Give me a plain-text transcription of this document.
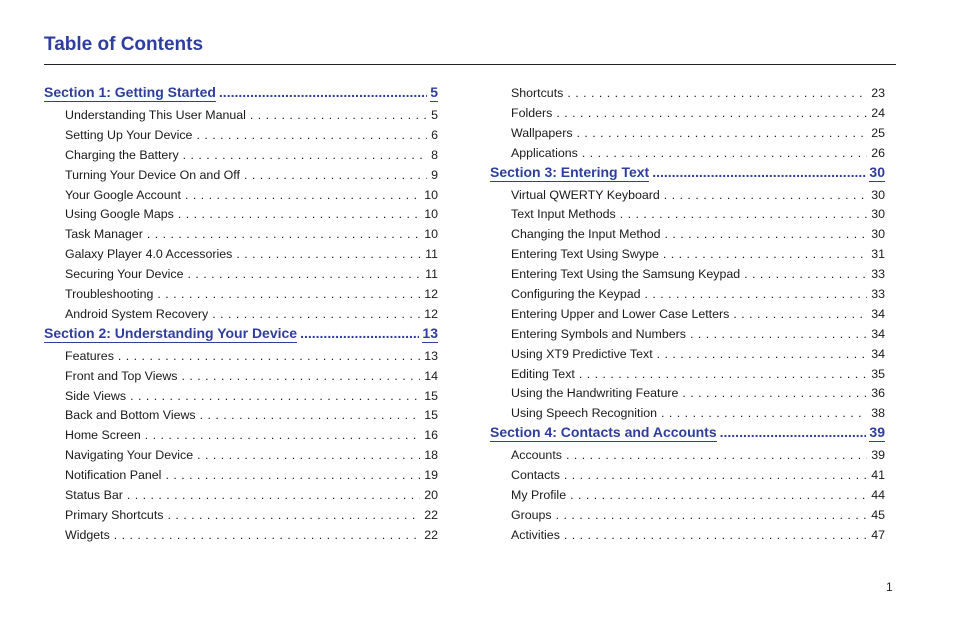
Table of Contents
Section 1: Getting Started .....	5
Understanding This User Manual . . .	5
Setting Up Your Device . . .	6
Charging the Battery . . .	8
Turning Your Device On and Off . . .	9
Your Google Account . . .	10
Using Google Maps . . .	10
Task Manager . . .	10
Galaxy Player 4.0 Accessories . . .	11
Securing Your Device . . .	11
Troubleshooting . . .	12
Android System Recovery . . .	12
Section 2: Understanding Your Device .....	13
Features . . .	13
Front and Top Views . . .	14
Side Views . . .	15
Back and Bottom Views . . .	15
Home Screen . . .	16
Navigating Your Device . . .	18
Notification Panel . . .	19
Status Bar . . .	20
Primary Shortcuts . . .	22
Widgets . . .	22
Shortcuts . . .	23
Folders . . .	24
Wallpapers . . .	25
Applications . . .	26
Section 3: Entering Text .....	30
Virtual QWERTY Keyboard . . .	30
Text Input Methods . . .	30
Changing the Input Method . . .	30
Entering Text Using Swype . . .	31
Entering Text Using the Samsung Keypad . . .	33
Configuring the Keypad . . .	33
Entering Upper and Lower Case Letters . . .	34
Entering Symbols and Numbers . . .	34
Using XT9 Predictive Text . . .	34
Editing Text . . .	35
Using the Handwriting Feature . . .	36
Using Speech Recognition . . .	38
Section 4: Contacts and Accounts .....	39
Accounts . . .	39
Contacts . . .	41
My Profile . . .	44
Groups . . .	45
Activities . . .	47
1
